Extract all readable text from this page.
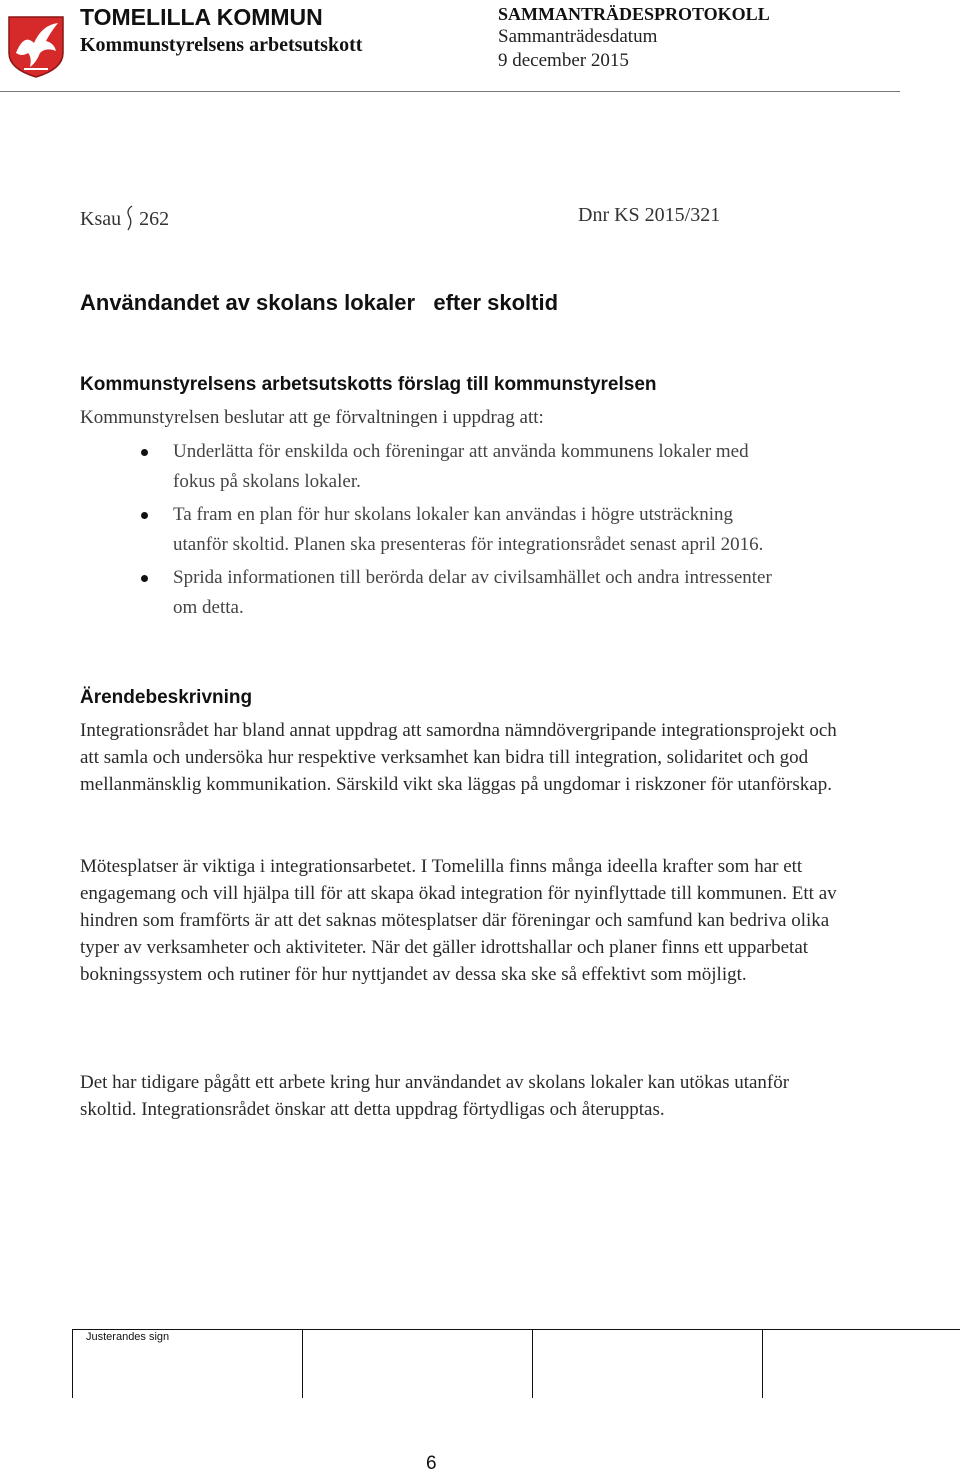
TOMELILLA KOMMUN
Kommunstyrelsens arbetsutskott
SAMMANTRÄDESPROTOKOLL
Sammanträdesdatum
9 december 2015
Ksau 262	Dnr KS 2015/321
Användandet av skolans lokaler   efter skoltid
Kommunstyrelsens arbetsutskotts förslag till kommunstyrelsen
Kommunstyrelsen beslutar att ge förvaltningen i uppdrag att:
Underlätta för enskilda och föreningar att använda kommunens lokaler med fokus på skolans lokaler.
Ta fram en plan för hur skolans lokaler kan användas i högre utsträckning utanför skoltid. Planen ska presenteras för integrationsrådet senast april 2016.
Sprida informationen till berörda delar av civilsamhället och andra intressenter om detta.
Ärendebeskrivning

Integrationsrådet har bland annat uppdrag att samordna nämndövergripande integrationsprojekt och att samla och undersöka hur respektive verksamhet kan bidra till integration, solidaritet och god mellanmänsklig kommunikation. Särskild vikt ska läggas på ungdomar i riskzoner för utanförskap.

Mötesplatser är viktiga i integrationsarbetet. I Tomelilla finns många ideella krafter som har ett engagemang och vill hjälpa till för att skapa ökad integration för nyinflyttade till kommunen. Ett av hindren som framförts är att det saknas mötesplatser där föreningar och samfund kan bedriva olika typer av verksamheter och aktiviteter. När det gäller idrottshallar och planer finns ett upparbetat bokningssystem och rutiner för hur nyttjandet av dessa ska ske så effektivt som möjligt.

Det har tidigare pågått ett arbete kring hur användandet av skolans lokaler kan utökas utanför skoltid. Integrationsrådet önskar att detta uppdrag förtydligas och återupptas.

Justerandes sign
6
